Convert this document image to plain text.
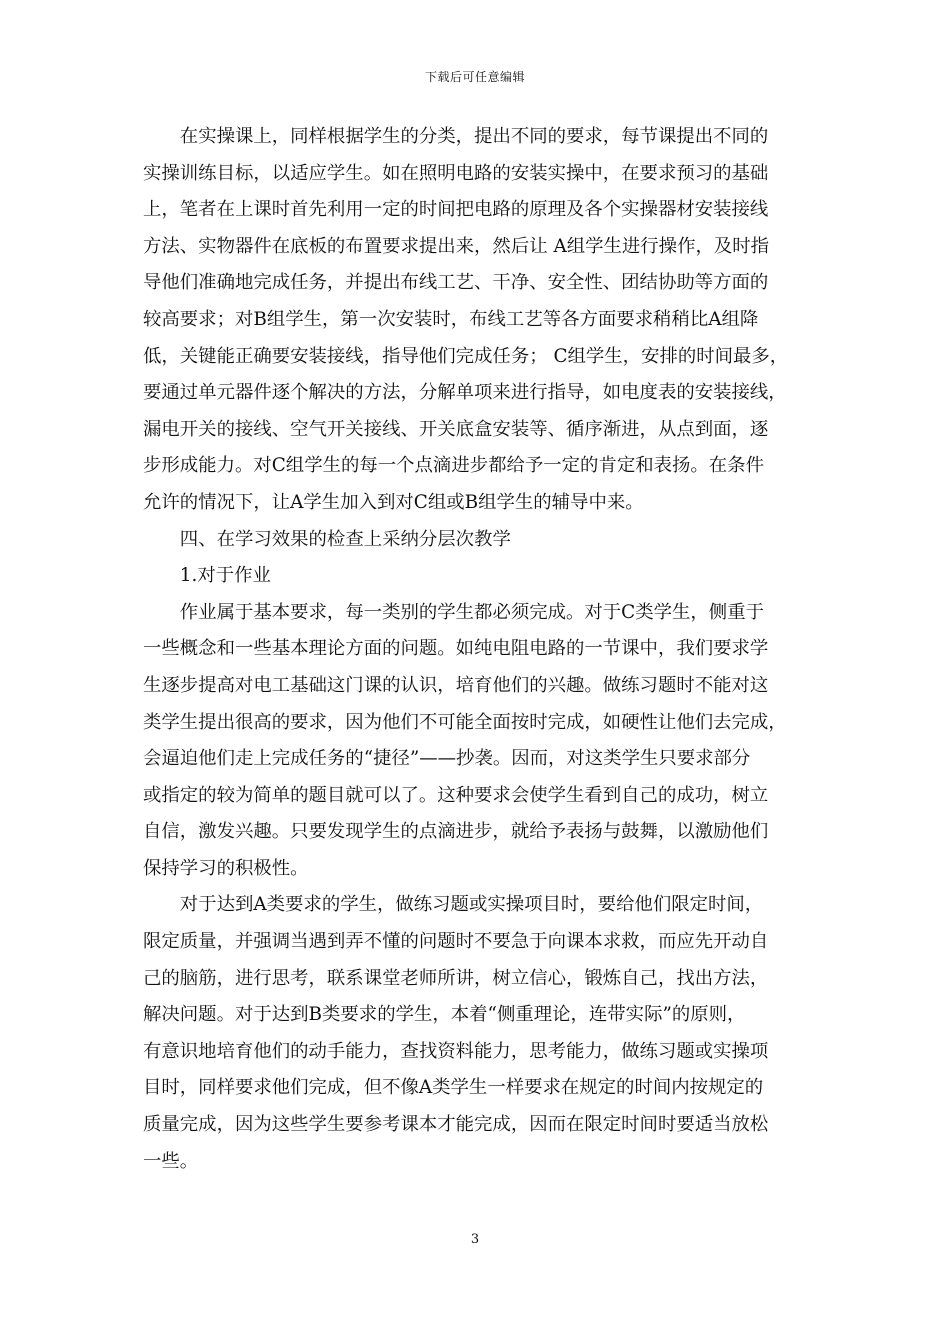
下载后可任意编辑

在实操课上，同样根据学生的分类，提出不同的要求，每节课提出不同的
实操训练目标，以适应学生。如在照明电路的安装实操中，在要求预习的基础
上，笔者在上课时首先利用一定的时间把电路的原理及各个实操器材安装接线
方法、实物器件在底板的布置要求提出来，然后让 A组学生进行操作，及时指
导他们准确地完成任务，并提出布线工艺、干净、安全性、团结协助等方面的
较高要求；对B组学生，第一次安装时，布线工艺等各方面要求稍稍比A组降
低，关键能正确要安装接线，指导他们完成任务； C组学生，安排的时间最多，
要通过单元器件逐个解决的方法，分解单项来进行指导，如电度表的安装接线，
漏电开关的接线、空气开关接线、开关底盒安装等、循序渐进，从点到面，逐
步形成能力。对C组学生的每一个点滴进步都给予一定的肯定和表扬。在条件
允许的情况下，让A学生加入到对C组或B组学生的辅导中来。

四、在学习效果的检查上采纳分层次教学

1.对于作业

作业属于基本要求，每一类别的学生都必须完成。对于C类学生，侧重于
一些概念和一些基本理论方面的问题。如纯电阻电路的一节课中，我们要求学
生逐步提高对电工基础这门课的认识，培育他们的兴趣。做练习题时不能对这
类学生提出很高的要求，因为他们不可能全面按时完成，如硬性让他们去完成，
会逼迫他们走上完成任务的“捷径”——抄袭。因而，对这类学生只要求部分
或指定的较为简单的题目就可以了。这种要求会使学生看到自己的成功，树立
自信，激发兴趣。只要发现学生的点滴进步，就给予表扬与鼓舞，以激励他们
保持学习的积极性。

对于达到A类要求的学生，做练习题或实操项目时，要给他们限定时间，
限定质量，并强调当遇到弄不懂的问题时不要急于向课本求救，而应先开动自
己的脑筋，进行思考，联系课堂老师所讲，树立信心，锻炼自己，找出方法，
解决问题。对于达到B类要求的学生，本着“侧重理论，连带实际”的原则，
有意识地培育他们的动手能力，查找资料能力，思考能力，做练习题或实操项
目时，同样要求他们完成，但不像A类学生一样要求在规定的时间内按规定的
质量完成，因为这些学生要参考课本才能完成，因而在限定时间时要适当放松
一些。

3
